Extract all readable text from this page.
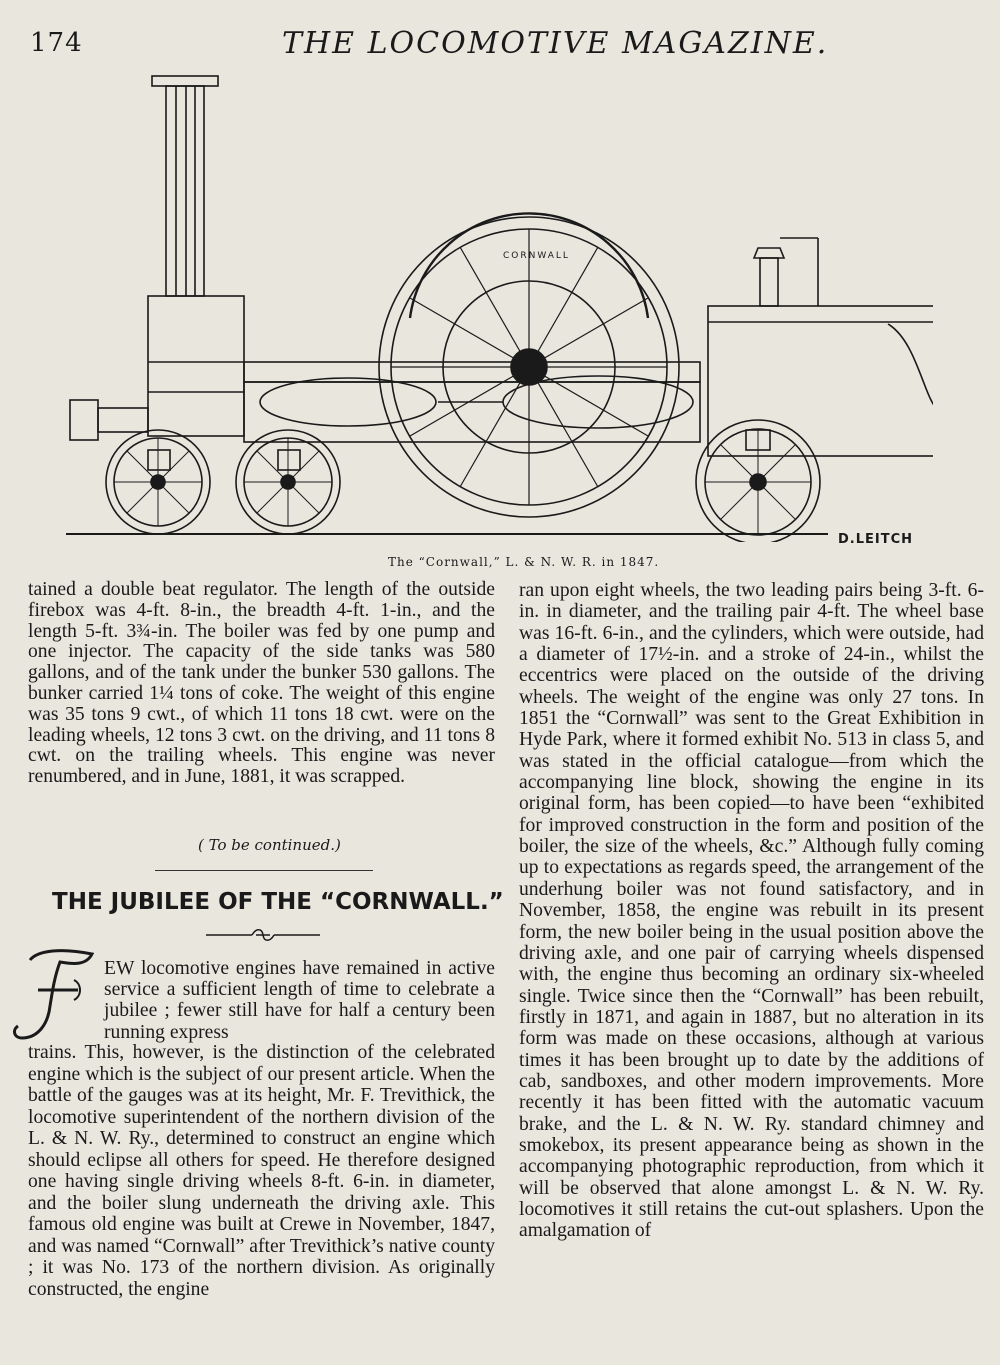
174	THE LOCOMOTIVE MAGAZINE.
CORNWALL
D.LEITCH
The “Cornwall,” L. & N. W. R. in 1847.

tained a double beat regulator. The length of the outside firebox was 4-ft. 8-in., the breadth 4-ft. 1-in., and the length 5-ft. 3¾-in. The boiler was fed by one pump and one injector. The capacity of the side tanks was 580 gallons, and of the tank under the bunker 530 gallons. The bunker carried 1¼ tons of coke. The weight of this engine was 35 tons 9 cwt., of which 11 tons 18 cwt. were on the leading wheels, 12 tons 3 cwt. on the driving, and 11 tons 8 cwt. on the trailing wheels. This engine was never renumbered, and in June, 1881, it was scrapped.

( To be continued.)
THE JUBILEE OF THE “CORNWALL.”
F

EW locomotive engines have remained in active service a sufficient length of time to celebrate a jubilee ; fewer still have for half a century been running express

trains. This, however, is the distinction of the celebrated engine which is the subject of our present article. When the battle of the gauges was at its height, Mr. F. Trevithick, the locomotive superintendent of the northern division of the L. & N. W. Ry., determined to construct an engine which should eclipse all others for speed. He therefore designed one having single driving wheels 8-ft. 6-in. in diameter, and the boiler slung underneath the driving axle. This famous old engine was built at Crewe in November, 1847, and was named “Cornwall” after Trevithick’s native county ; it was No. 173 of the northern division. As originally constructed, the engine

ran upon eight wheels, the two leading pairs being 3-ft. 6-in. in diameter, and the trailing pair 4-ft. The wheel base was 16-ft. 6-in., and the cylinders, which were outside, had a diameter of 17½-in. and a stroke of 24-in., whilst the eccentrics were placed on the outside of the driving wheels. The weight of the engine was only 27 tons. In 1851 the “Cornwall” was sent to the Great Exhibition in Hyde Park, where it formed exhibit No. 513 in class 5, and was stated in the official catalogue—from which the accompanying line block, showing the engine in its original form, has been copied—to have been “exhibited for improved construction in the form and position of the boiler, the size of the wheels, &c.” Although fully coming up to expectations as regards speed, the arrangement of the underhung boiler was not found satisfactory, and in November, 1858, the engine was rebuilt in its present form, the new boiler being in the usual position above the driving axle, and one pair of carrying wheels dispensed with, the engine thus becoming an ordinary six-wheeled single. Twice since then the “Cornwall” has been rebuilt, firstly in 1871, and again in 1887, but no alteration in its form was made on these occasions, although at various times it has been brought up to date by the additions of cab, sandboxes, and other modern improvements. More recently it has been fitted with the automatic vacuum brake, and the L. & N. W. Ry. standard chimney and smokebox, its present appearance being as shown in the accompanying photographic reproduction, from which it will be observed that alone amongst L. & N. W. Ry. locomotives it still retains the cut-out splashers. Upon the amalgamation of
